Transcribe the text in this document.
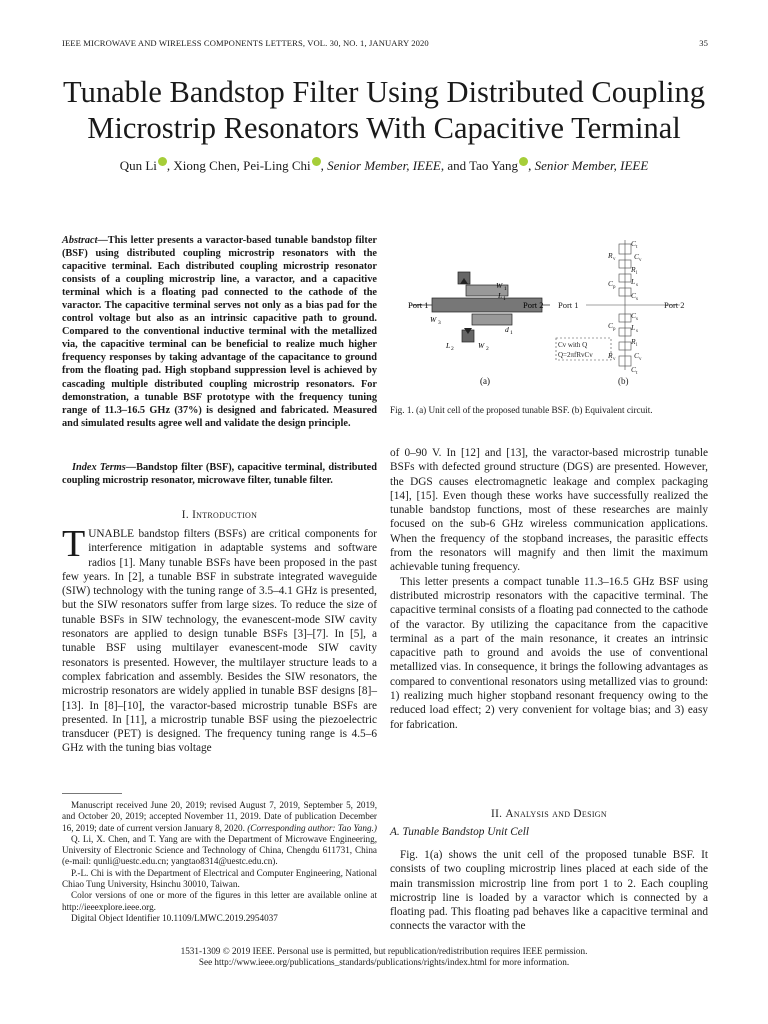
IEEE MICROWAVE AND WIRELESS COMPONENTS LETTERS, VOL. 30, NO. 1, JANUARY 2020	35
Tunable Bandstop Filter Using Distributed Coupling
Microstrip Resonators With Capacitive Terminal
Qun Li , Xiong Chen, Pei-Ling Chi , Senior Member, IEEE, and Tao Yang , Senior Member, IEEE
Abstract—This letter presents a varactor-based tunable bandstop filter (BSF) using distributed coupling microstrip resonators with the capacitive terminal. Each distributed coupling microstrip resonator consists of a coupling microstrip line, a varactor, and a capacitive terminal which is a floating pad connected to the cathode of the varactor. The capacitive terminal serves not only as a bias pad for the control voltage but also as an intrinsic capacitive path to ground. Compared to the conventional inductive terminal with the metallized via, the capacitive terminal can be beneficial to realize much higher frequency responses by taking advantage of the capacitance to ground from the floating pad. High stopband suppression level is achieved by cascading multiple distributed coupling microstrip resonators. For demonstration, a tunable BSF prototype with the frequency tuning range of 11.3–16.5 GHz (37%) is designed and fabricated. Measured and simulated results agree well and validate the design principle.
Index Terms—Bandstop filter (BSF), capacitive terminal, distributed coupling microstrip resonator, microwave filter, tunable filter.
I. Introduction

TUNABLE bandstop filters (BSFs) are critical components for interference mitigation in adaptable systems and software radios [1]. Many tunable BSFs have been proposed in the past few years. In [2], a tunable BSF in substrate integrated waveguide (SIW) technology with the tuning range of 3.5–4.1 GHz is presented, but the SIW resonators suffer from large sizes. To reduce the size of tunable BSFs in SIW technology, the evanescent-mode SIW cavity resonators are applied to design tunable BSFs [3]–[7]. In [5], a tunable BSF using multilayer evanescent-mode SIW cavity resonators is presented. However, the multilayer structure leads to a complex fabrication and assembly. Besides the SIW resonators, the microstrip resonators are widely applied in tunable BSF designs [8]–[13]. In [8]–[10], the varactor-based microstrip tunable BSFs are presented. In [11], a microstrip tunable BSF using the piezoelectric transducer (PET) is designed. The frequency tuning range is 4.5–6 GHz with the tuning bias voltage

Manuscript received June 20, 2019; revised August 7, 2019, September 5, 2019, and October 20, 2019; accepted November 11, 2019. Date of publication December 16, 2019; date of current version January 8, 2020. (Corresponding author: Tao Yang.)

Q. Li, X. Chen, and T. Yang are with the Department of Microwave Engineering, University of Electronic Science and Technology of China, Chengdu 611731, China (e-mail: qunli@uestc.edu.cn; yangtao8314@uestc.edu.cn).

P.-L. Chi is with the Department of Electrical and Computer Engineering, National Chiao Tung University, Hsinchu 30010, Taiwan.

Color versions of one or more of the figures in this letter are available online at http://ieeexplore.ieee.org.

Digital Object Identifier 10.1109/LMWC.2019.2954037

Port 1	Port 2
W 1
L 1
W 3
d 1
L 2	W 2
(a)
Port 1	Port 2
C t
R v C v
R l
C p
L s
C s
C s
C p L s
R l
R v C v
C t
Cv with Q
Q=2πfRvCv
(b)
Fig. 1. (a) Unit cell of the proposed tunable BSF. (b) Equivalent circuit.

of 0–90 V. In [12] and [13], the varactor-based microstrip tunable BSFs with defected ground structure (DGS) are presented. However, the DGS causes electromagnetic leakage and complex packaging [14], [15]. Even though these works have successfully realized the tunable bandstop functions, most of these researches are mainly focused on the sub-6 GHz wireless communication applications. When the frequency of the stopband increases, the parasitic effects from the resonators will magnify and then limit the maximum achievable tuning frequency.

This letter presents a compact tunable 11.3–16.5 GHz BSF using distributed microstrip resonators with the capacitive terminal. The capacitive terminal consists of a floating pad connected to the cathode of the varactor. By utilizing the capacitance from the capacitive terminal as a part of the main resonance, it creates an intrinsic capacitive path to ground and avoids the use of conventional metallized vias. In consequence, it brings the following advantages as compared to conventional resonators using metallized vias to ground: 1) realizing much higher stopband resonant frequency owing to the reduced load effect; 2) very convenient for voltage bias; and 3) easy for fabrication.

II. Analysis and Design
A. Tunable Bandstop Unit Cell

Fig. 1(a) shows the unit cell of the proposed tunable BSF. It consists of two coupling microstrip lines placed at each side of the main transmission microstrip line from port 1 to 2. Each coupling microstrip line is loaded by a varactor which is connected by a floating pad. This floating pad behaves like a capacitive terminal and connects the varactor with the

1531-1309 © 2019 IEEE. Personal use is permitted, but republication/redistribution requires IEEE permission.
See http://www.ieee.org/publications_standards/publications/rights/index.html for more information.
